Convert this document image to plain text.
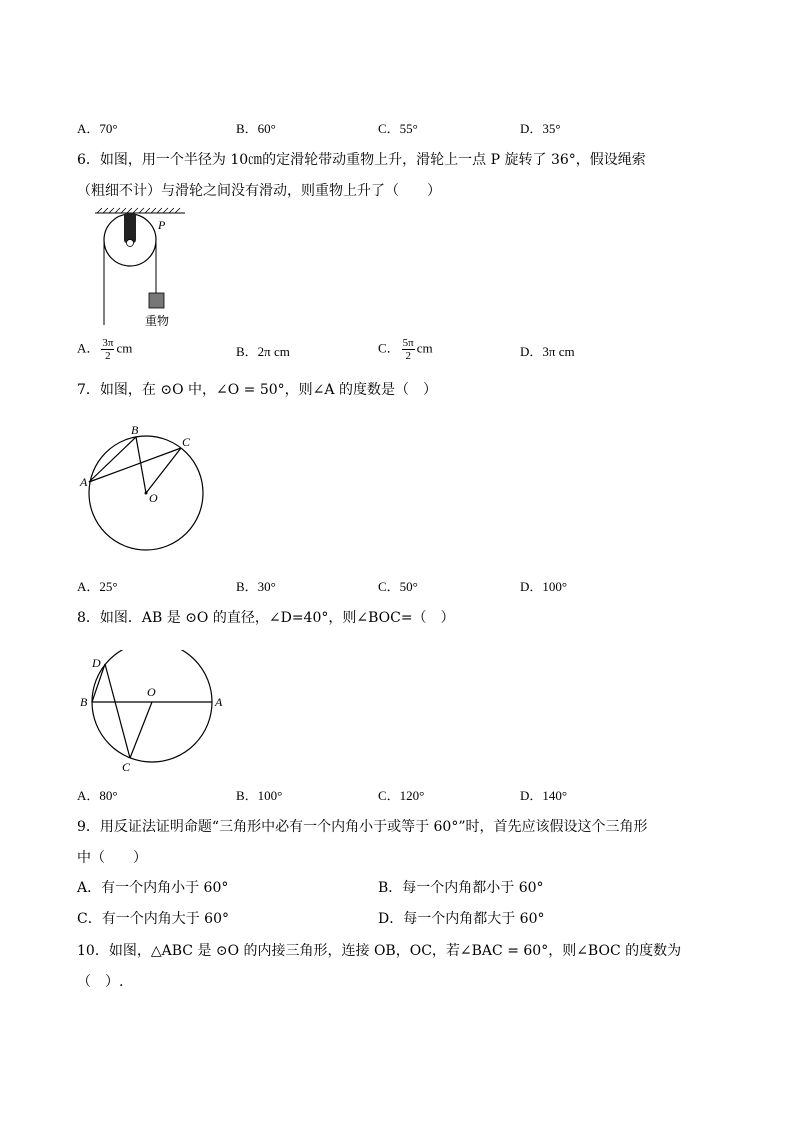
A．70°	B．60°	C．55°	D．35°
6．如图，用一个半径为 10㎝的定滑轮带动重物上升，滑轮上一点 P 旋转了 36°，假设绳索
（粗细不计）与滑轮之间没有滑动，则重物上升了（　　）
P
重物
A． $\frac{3\pi}{2}$ cm	B．2π cm	C． $\frac{5\pi}{2}$ cm	D．3π cm
7．如图，在 ⊙O 中，∠O = 50°，则∠A 的度数是（　）
A
B
C
O
A．25°	B．30°	C．50°	D．100°
8．如图．AB 是 ⊙O 的直径，∠D=40°，则∠BOC=（　）
D
B
O
A
C
A．80°	B．100°	C．120°	D．140°
9．用反证法证明命题“三角形中必有一个内角小于或等于 60°”时，首先应该假设这个三角形
中（　　）
A．有一个内角小于 60°	B．每一个内角都小于 60°
C．有一个内角大于 60°	D．每一个内角都大于 60°
10．如图，△ABC 是 ⊙O 的内接三角形，连接 OB，OC，若∠BAC = 60°，则∠BOC 的度数为
（　）.
